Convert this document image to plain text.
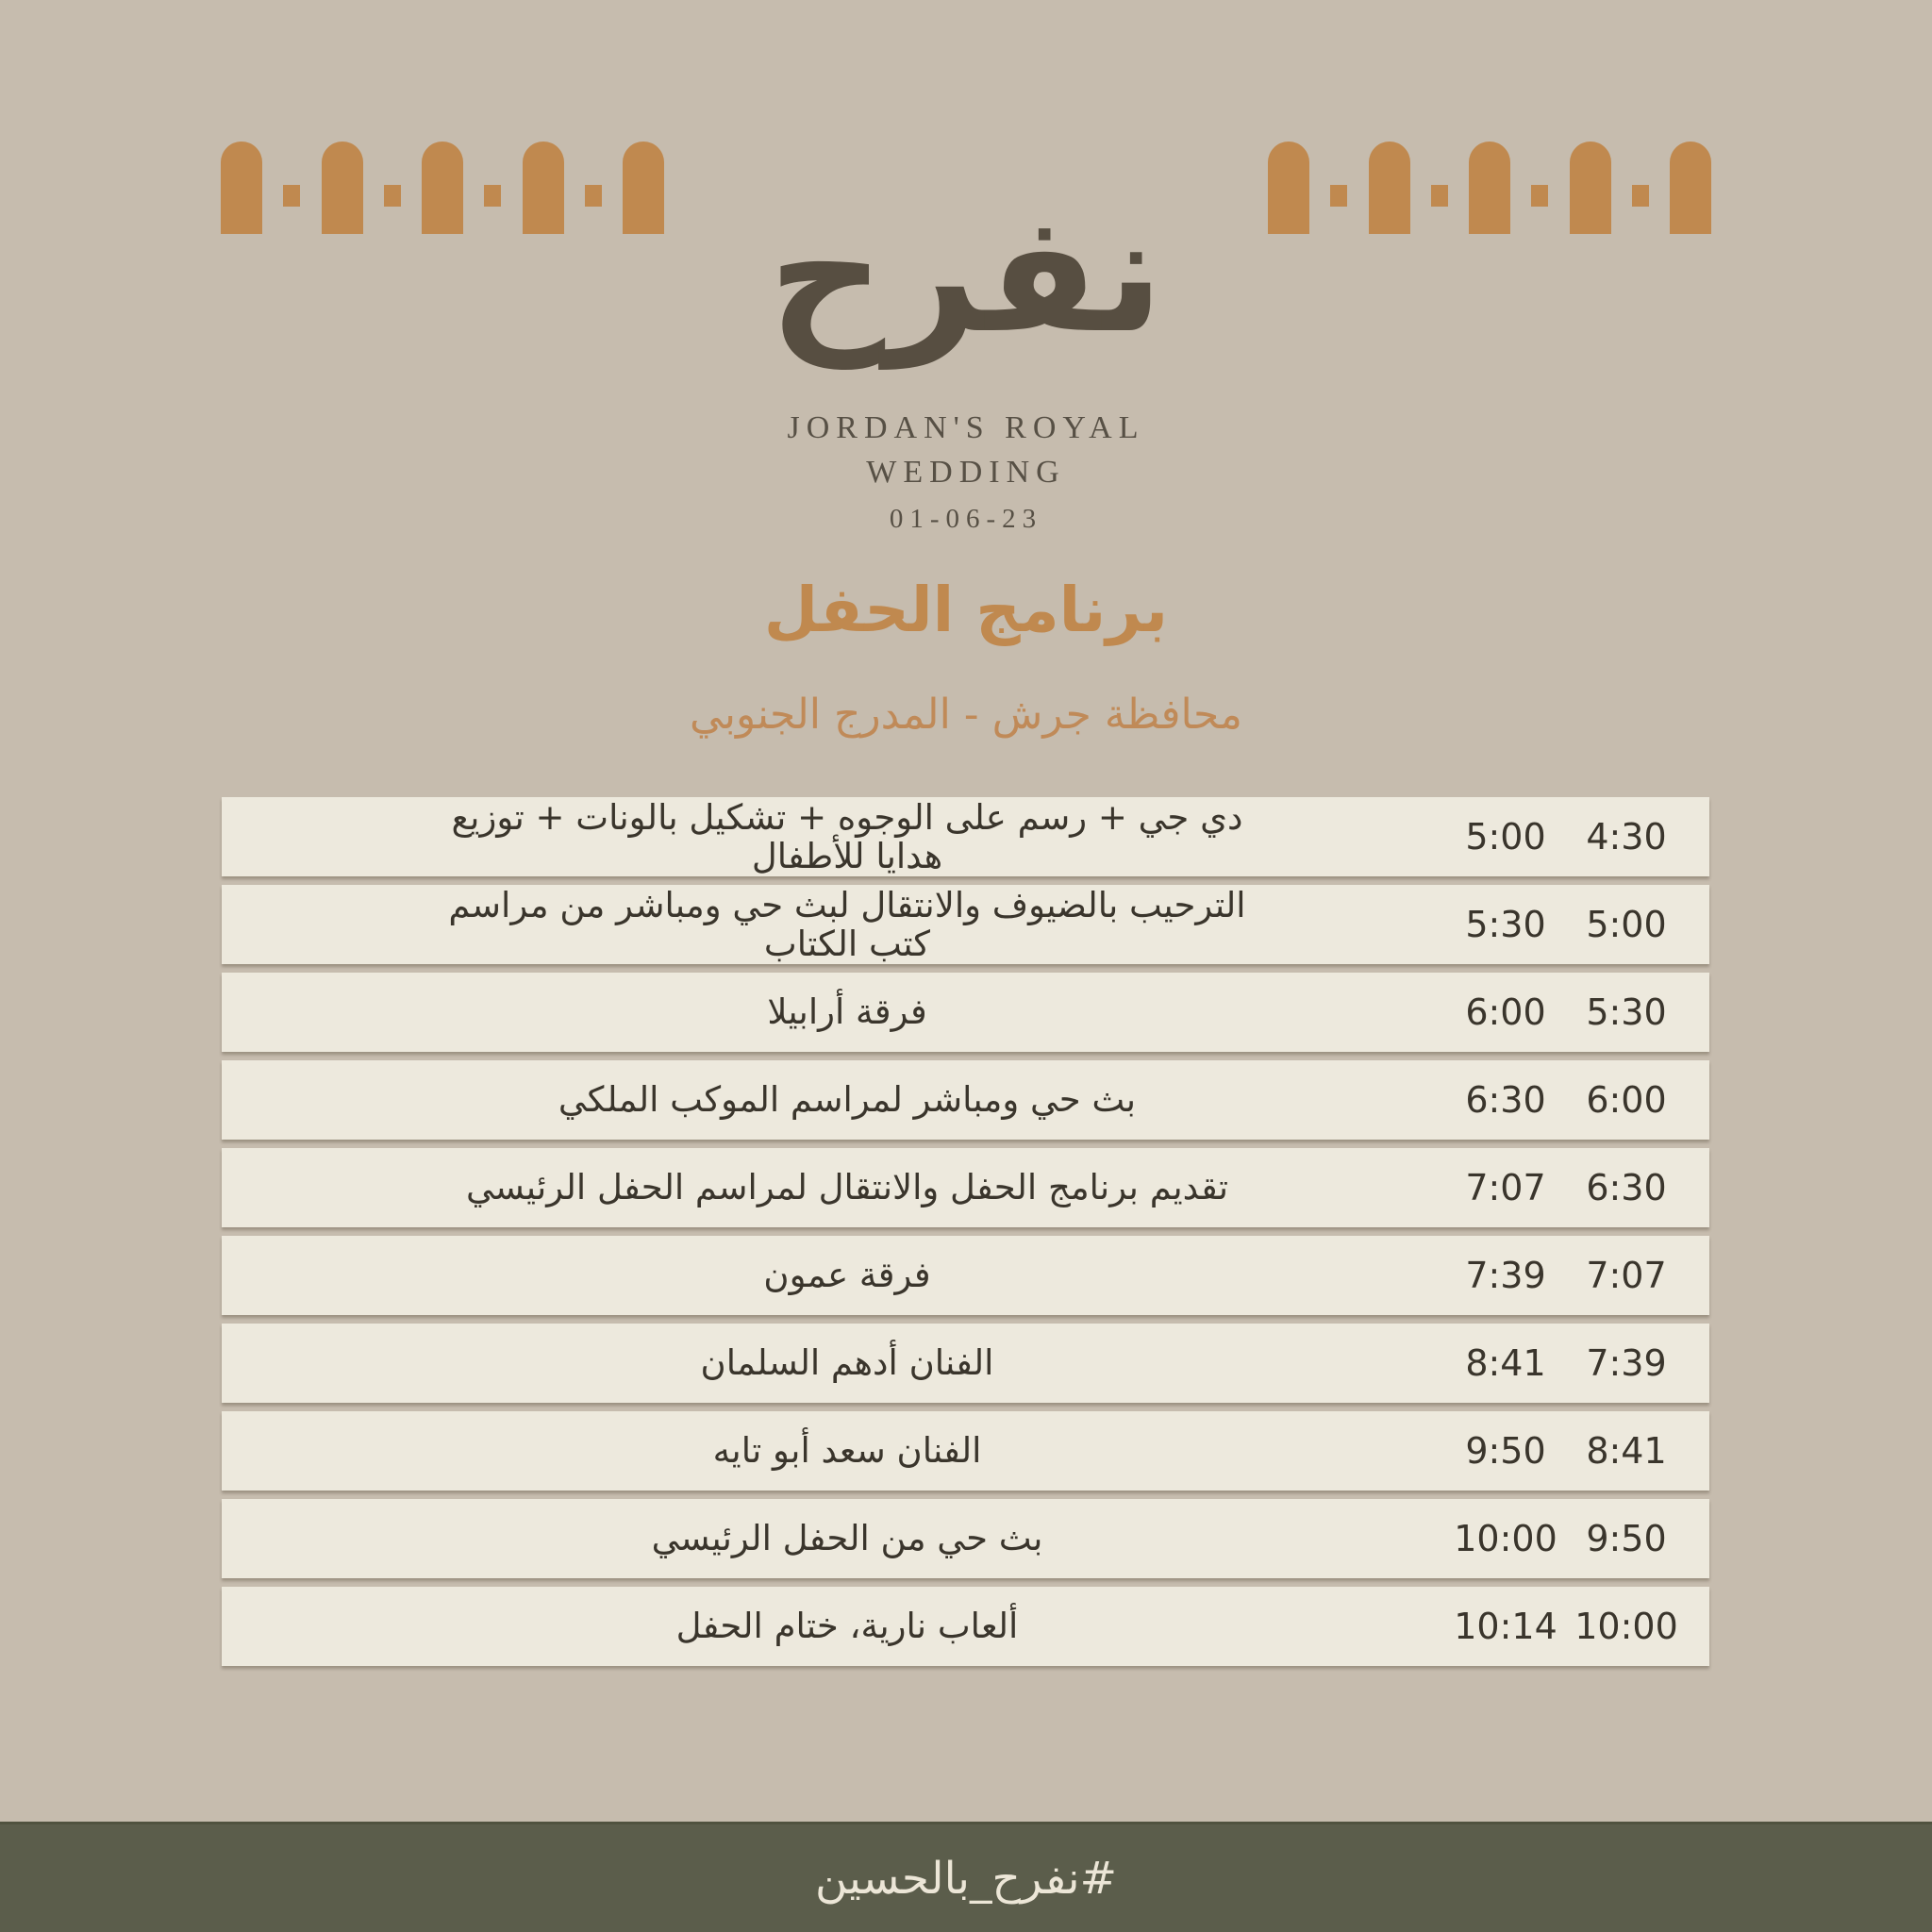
نفرح
JORDAN'S ROYAL
WEDDING
01-06-23
برنامج الحفل
محافظة جرش - المدرج الجنوبي
4:30
5:00
دي جي + رسم على الوجوه + تشكيل بالونات + توزيع هدايا للأطفال
5:00
5:30
الترحيب بالضيوف والانتقال لبث حي ومباشر من مراسم كتب الكتاب
5:30
6:00
فرقة أرابيلا
6:00
6:30
بث حي ومباشر لمراسم الموكب الملكي
6:30
7:07
تقديم برنامج الحفل والانتقال لمراسم الحفل الرئيسي
7:07
7:39
فرقة عمون
7:39
8:41
الفنان أدهم السلمان
8:41
9:50
الفنان سعد أبو تايه
9:50
10:00
بث حي من الحفل الرئيسي
10:00
10:14
ألعاب نارية، ختام الحفل
#نفرح_بالحسين
